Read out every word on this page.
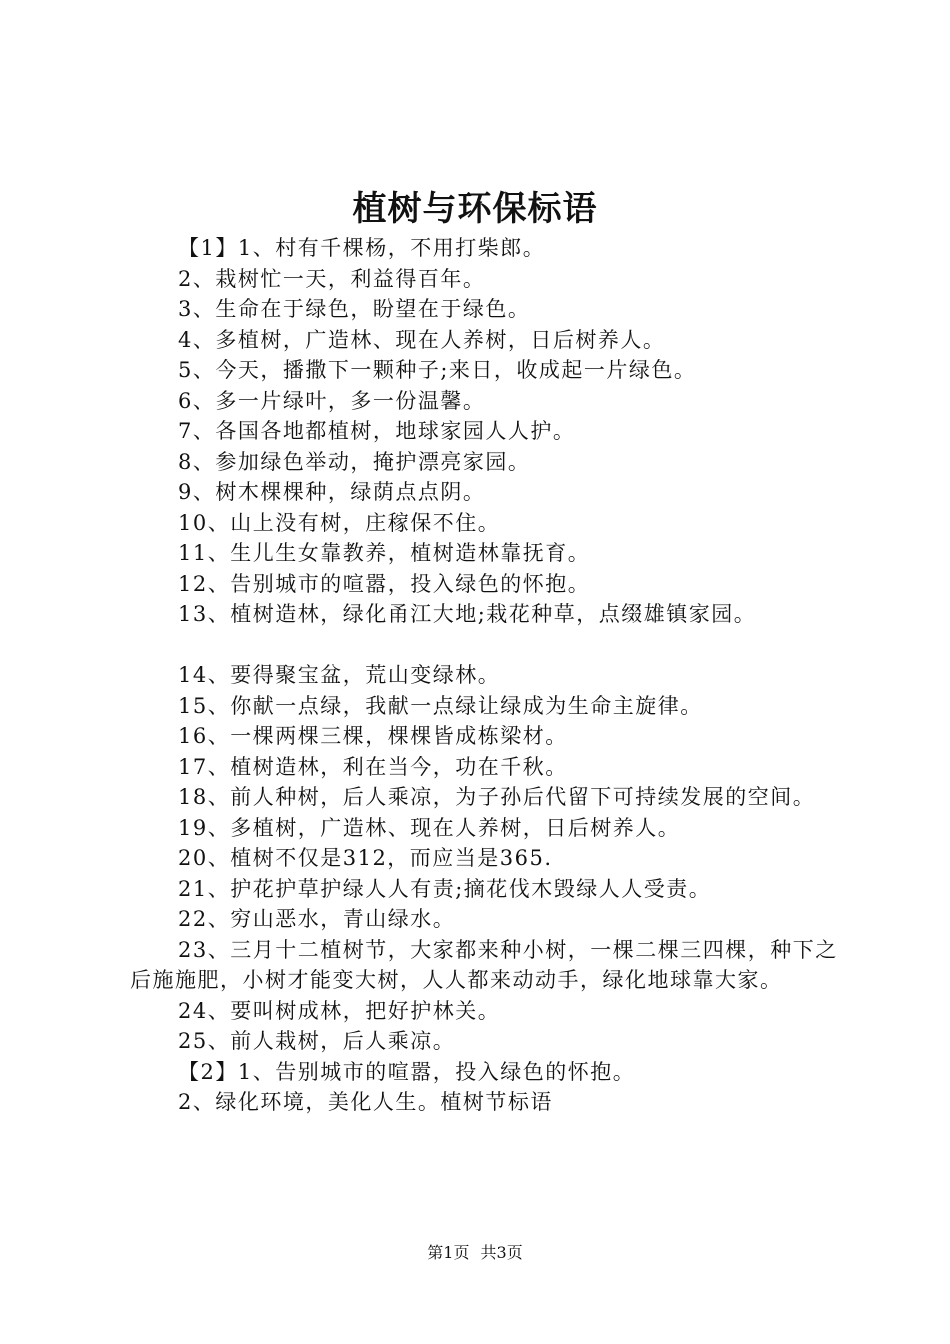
植树与环保标语

【1】1、村有千棵杨，不用打柴郎。

2、栽树忙一天，利益得百年。

3、生命在于绿色，盼望在于绿色。

4、多植树，广造林、现在人养树，日后树养人。

5、今天，播撒下一颗种子;来日，收成起一片绿色。

6、多一片绿叶，多一份温馨。

7、各国各地都植树，地球家园人人护。

8、参加绿色举动，掩护漂亮家园。

9、树木棵棵种，绿荫点点阴。

10、山上没有树，庄稼保不住。

11、生儿生女靠教养，植树造林靠抚育。

12、告别城市的喧嚣，投入绿色的怀抱。

13、植树造林，绿化甬江大地;栽花种草，点缀雄镇家园。

14、要得聚宝盆，荒山变绿林。

15、你献一点绿，我献一点绿让绿成为生命主旋律。

16、一棵两棵三棵，棵棵皆成栋梁材。

17、植树造林，利在当今，功在千秋。

18、前人种树，后人乘凉，为子孙后代留下可持续发展的空间。

19、多植树，广造林、现在人养树，日后树养人。

20、植树不仅是312，而应当是365.

21、护花护草护绿人人有责;摘花伐木毁绿人人受责。

22、穷山恶水，青山绿水。

23、三月十二植树节，大家都来种小树，一棵二棵三四棵，种下之后施施肥，小树才能变大树，人人都来动动手，绿化地球靠大家。

24、要叫树成林，把好护林关。

25、前人栽树，后人乘凉。

【2】1、告别城市的喧嚣，投入绿色的怀抱。

2、绿化环境，美化人生。植树节标语

第1页 共3页
